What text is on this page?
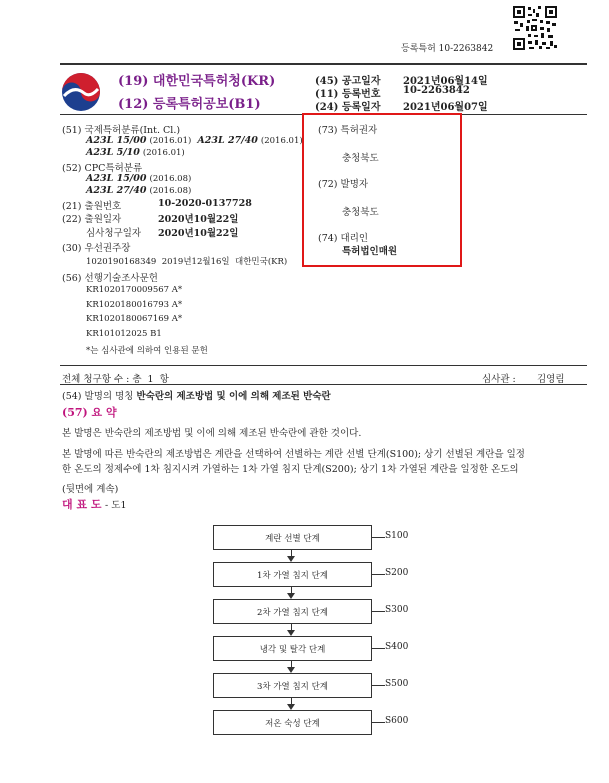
등록특허 10-2263842
(19) 대한민국특허청(KR)
(12) 등록특허공보(B1)
(45) 공고일자 2021년06월14일
(11) 등록번호 10-2263842
(24) 등록일자 2021년06월07일
(51) 국제특허분류(Int. Cl.)
A23L 15/00 (2016.01) A23L 27/40 (2016.01)
A23L 5/10 (2016.01)
(52) CPC특허분류
A23L 15/00 (2016.08)
A23L 27/40 (2016.08)
(21) 출원번호	10-2020-0137728
(22) 출원일자	2020년10월22일
심사청구일자 2020년10월22일
(30) 우선권주장
1020190168349  2019년12월16일  대한민국(KR)
(56) 선행기술조사문헌
KR1020170009567 A*
KR1020180016793 A*
KR1020180067169 A*
KR101012025 B1
*는 심사관에 의하여 인용된 문헌
(73) 특허권자
충청북도
(72) 발명자
충청북도
(74) 대리인
특허법인매원
전체 청구항 수 : 총  1  항	심사관 : 김영림
(54) 발명의 명칭 반숙란의 제조방법 및 이에 의해 제조된 반숙란
(57) 요 약
본 발명은 반숙란의 제조방법 및 이에 의해 제조된 반숙란에 관한 것이다.
본 발명에 따른 반숙란의 제조방법은 계란을 선택하여 선별하는 계란 선별 단계(S100); 상기 선별된 계란을 일정
한 온도의 정제수에 1차 침지시켜 가열하는 1차 가열 침지 단계(S200); 상기 1차 가열된 계란을 일정한 온도의
(뒷면에 계속)
대 표 도 - 도1
계란 선별 단계	S100
1차 가열 침지 단계	S200
2차 가열 침지 단계	S300
냉각 및 탈각 단계	S400
3차 가열 침지 단계	S500
저온 숙성 단계	S600
